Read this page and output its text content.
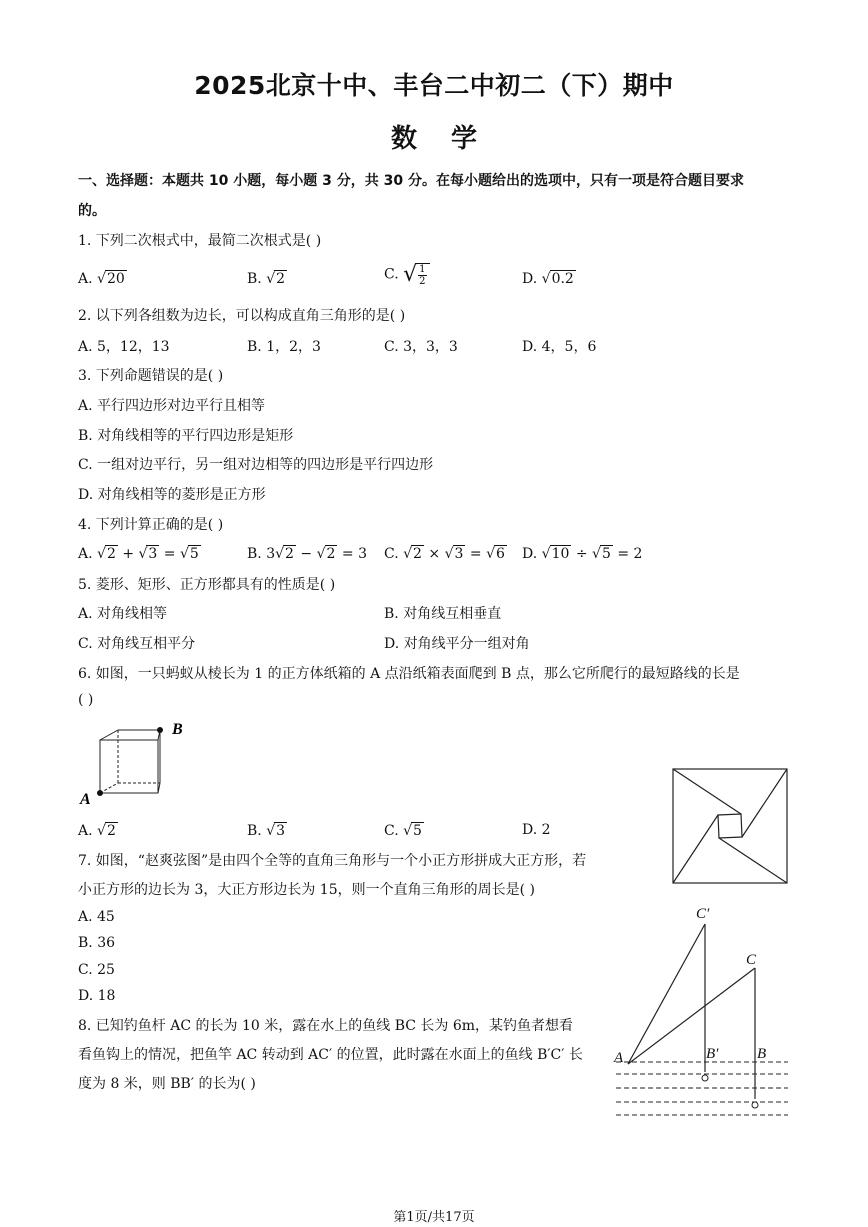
2025北京十中、丰台二中初二（下）期中
数学
一、选择题：本题共 10 小题，每小题 3 分，共 30 分。在每小题给出的选项中，只有一项是符合题目要求
的。
1. 下列二次根式中，最简二次根式是( )
A. √20	B. √2	C. √ $\frac{1}{2}$	D. √0.2
2. 以下列各组数为边长，可以构成直角三角形的是( )
A. 5，12，13	B. 1，2，3	C. 3，3，3	D. 4，5，6
3. 下列命题错误的是( )
A. 平行四边形对边平行且相等
B. 对角线相等的平行四边形是矩形
C. 一组对边平行，另一组对边相等的四边形是平行四边形
D. 对角线相等的菱形是正方形
4. 下列计算正确的是( )
A. √2 + √3 = √5	B. 3√2 − √2 = 3 C. √2 × √3 = √6 D. √10 ÷ √5 = 2
5. 菱形、矩形、正方形都具有的性质是( )
A. 对角线相等	B. 对角线互相垂直
C. 对角线互相平分	D. 对角线平分一组对角
6. 如图，一只蚂蚁从棱长为 1 的正方体纸箱的 A 点沿纸箱表面爬到 B 点，那么它所爬行的最短路线的长是
( )
B
A
A. √2	B. √3	C. √5	D. 2
7. 如图，“赵爽弦图”是由四个全等的直角三角形与一个小正方形拼成大正方形，若
小正方形的边长为 3，大正方形边长为 15，则一个直角三角形的周长是( )
A. 45
B. 36
C. 25
D. 18
8. 已知钓鱼杆 AC 的长为 10 米，露在水上的鱼线 BC 长为 6m，某钓鱼者想看
看鱼钩上的情况，把鱼竿 AC 转动到 AC′ 的位置，此时露在水面上的鱼线 B′C′ 长
度为 8 米，则 BB′ 的长为( )
C′
C
A	B′	B
第1页/共17页
